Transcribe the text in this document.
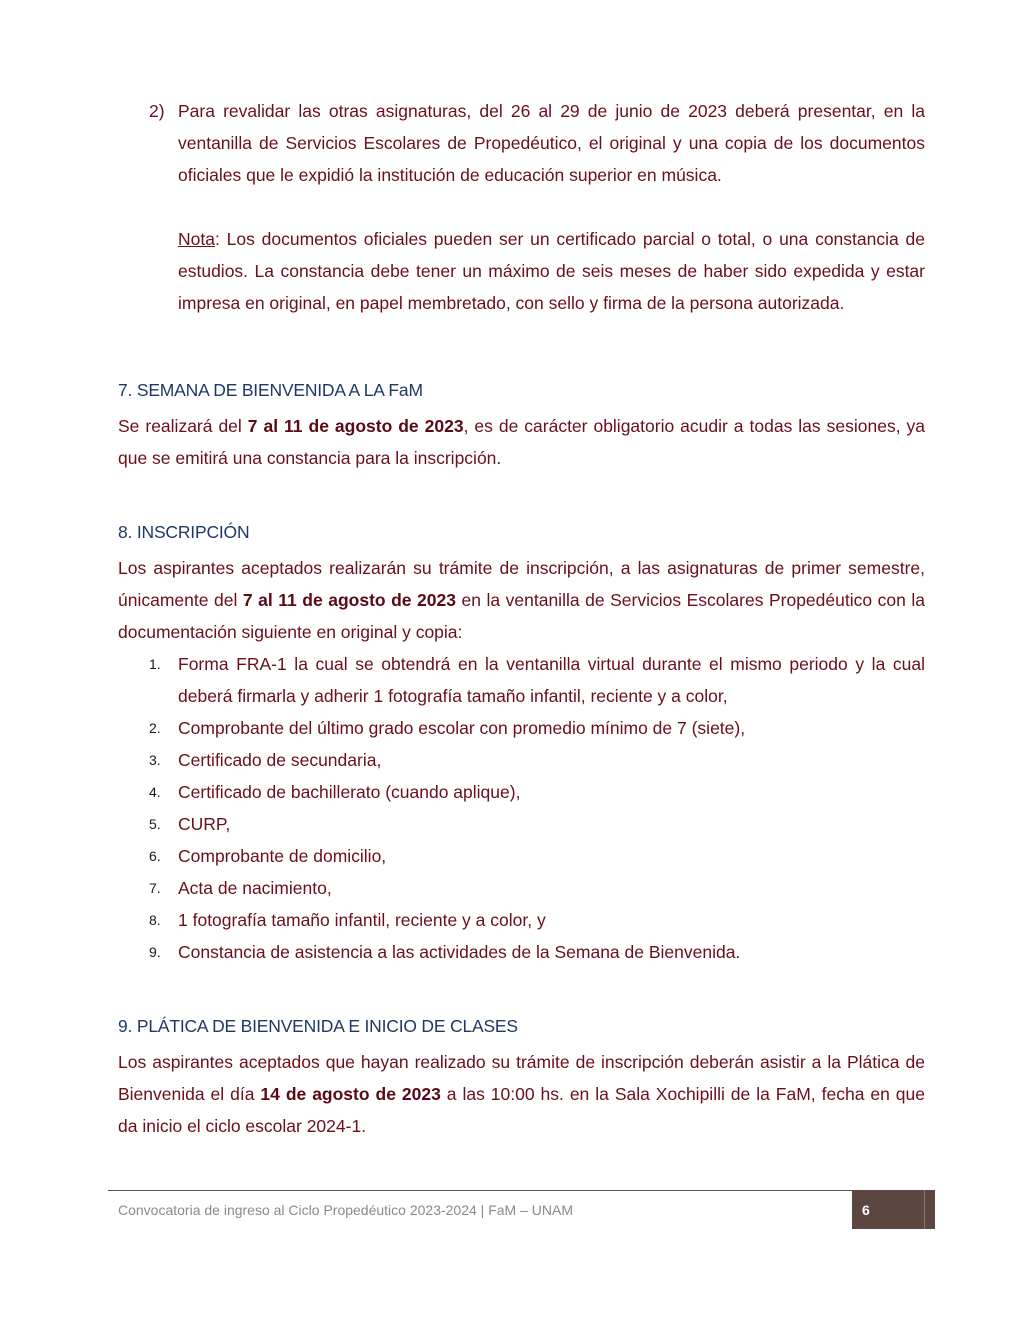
2) Para revalidar las otras asignaturas, del 26 al 29 de junio de 2023 deberá presentar, en la ventanilla de Servicios Escolares de Propedéutico, el original y una copia de los documentos oficiales que le expidió la institución de educación superior en música.

Nota: Los documentos oficiales pueden ser un certificado parcial o total, o una constancia de estudios. La constancia debe tener un máximo de seis meses de haber sido expedida y estar impresa en original, en papel membretado, con sello y firma de la persona autorizada.

7. SEMANA DE BIENVENIDA A LA FaM

Se realizará del 7 al 11 de agosto de 2023, es de carácter obligatorio acudir a todas las sesiones, ya que se emitirá una constancia para la inscripción.

8. INSCRIPCIÓN

Los aspirantes aceptados realizarán su trámite de inscripción, a las asignaturas de primer semestre, únicamente del 7 al 11 de agosto de 2023 en la ventanilla de Servicios Escolares Propedéutico con la documentación siguiente en original y copia:

1. Forma FRA-1 la cual se obtendrá en la ventanilla virtual durante el mismo periodo y la cual deberá firmarla y adherir 1 fotografía tamaño infantil, reciente y a color,
2. Comprobante del último grado escolar con promedio mínimo de 7 (siete),
3. Certificado de secundaria,
4. Certificado de bachillerato (cuando aplique),
5. CURP,
6. Comprobante de domicilio,
7. Acta de nacimiento,
8. 1 fotografía tamaño infantil, reciente y a color, y
9. Constancia de asistencia a las actividades de la Semana de Bienvenida.
9. PLÁTICA DE BIENVENIDA E INICIO DE CLASES

Los aspirantes aceptados que hayan realizado su trámite de inscripción deberán asistir a la Plática de Bienvenida el día 14 de agosto de 2023 a las 10:00 hs. en la Sala Xochipilli de la FaM, fecha en que da inicio el ciclo escolar 2024-1.

Convocatoria de ingreso al Ciclo Propedéutico 2023-2024 | FaM – UNAM	6
